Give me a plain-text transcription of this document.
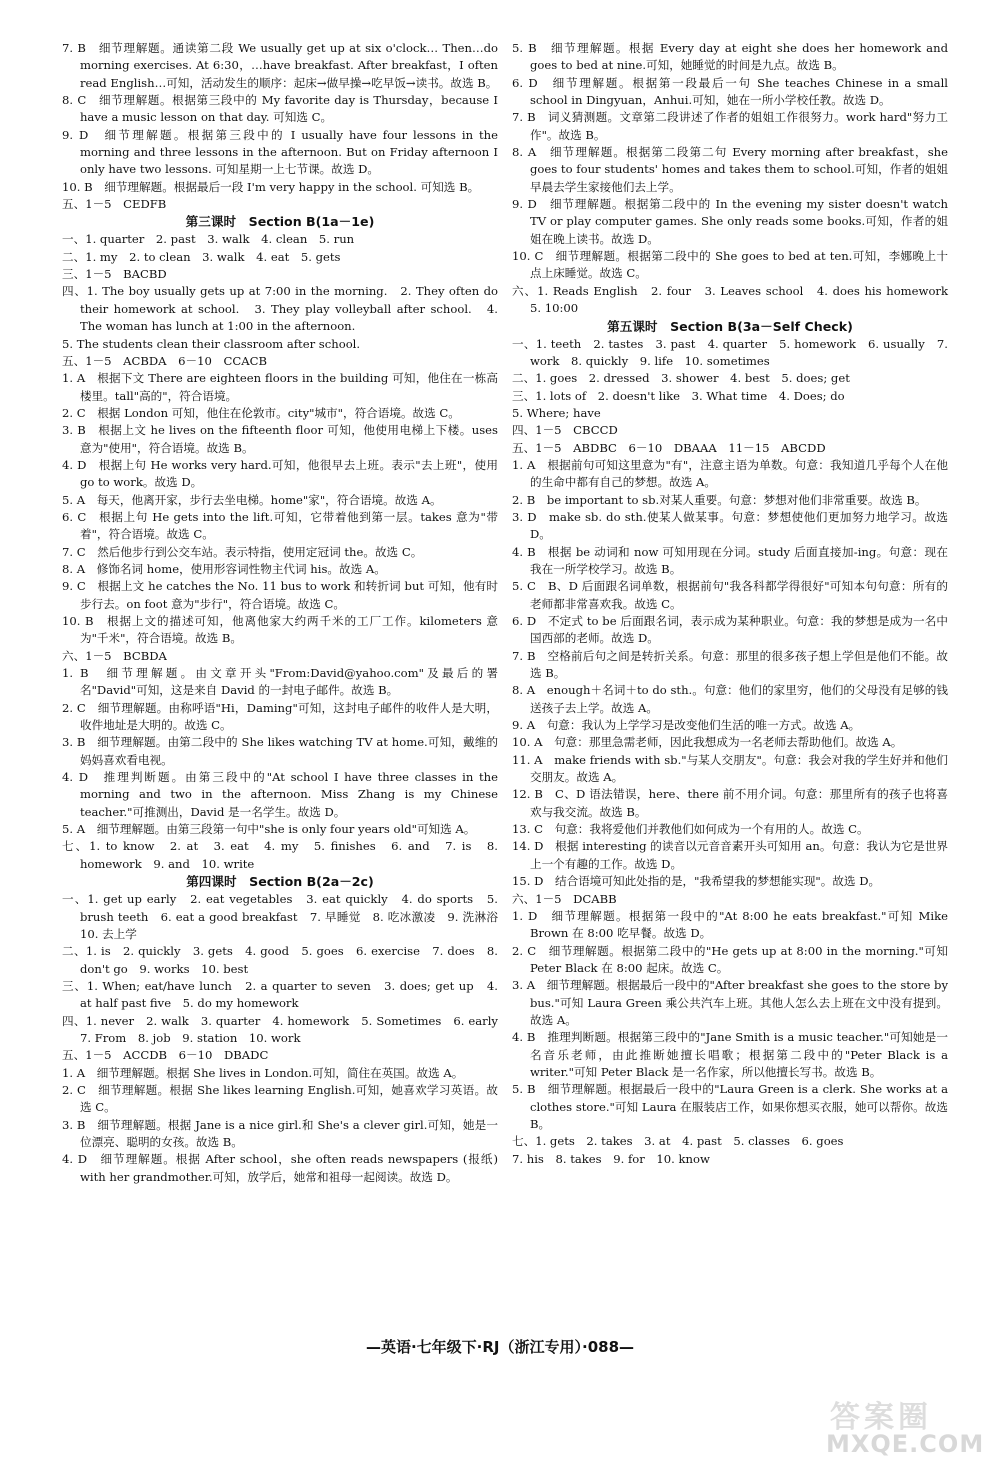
7. B　细节理解题。通读第二段 We usually get up at six o'clock… Then…do morning exercises. At 6:30，…have breakfast. After breakfast，I often read English…可知，活动发生的顺序：起床→做早操→吃早饭→读书。故选 B。

8. C　细节理解题。根据第三段中的 My favorite day is Thursday，because I have a music lesson on that day. 可知选 C。

9. D　细节理解题。根据第三段中的 I usually have four lessons in the morning and three lessons in the afternoon. But on Friday afternoon I only have two lessons. 可知星期一上七节课。故选 D。

10. B　细节理解题。根据最后一段 I'm very happy in the school. 可知选 B。

五、1－5　CEDFB

第三课时　Section B(1a－1e)

一、1. quarter　2. past　3. walk　4. clean　5. run

二、1. my　2. to clean　3. walk　4. eat　5. gets

三、1－5　BACBD

四、1. The boy usually gets up at 7:00 in the morning.　2. They often do their homework at school.　3. They play volleyball after school.　4. The woman has lunch at 1:00 in the afternoon.

5. The students clean their classroom after school.

五、1－5　ACBDA　6－10　CCACB

1. A　根据下文 There are eighteen floors in the building 可知，他住在一栋高楼里。tall"高的"，符合语境。

2. C　根据 London 可知，他住在伦敦市。city"城市"，符合语境。故选 C。

3. B　根据上文 he lives on the fifteenth floor 可知，他使用电梯上下楼。uses 意为"使用"，符合语境。故选 B。

4. D　根据上句 He works very hard.可知，他很早去上班。表示"去上班"，使用 go to work。故选 D。

5. A　每天，他离开家，步行去坐电梯。home"家"，符合语境。故选 A。

6. C　根据上句 He gets into the lift.可知，它带着他到第一层。takes 意为"带着"，符合语境。故选 C。

7. C　然后他步行到公交车站。表示特指，使用定冠词 the。故选 C。

8. A　修饰名词 home，使用形容词性物主代词 his。故选 A。

9. C　根据上文 he catches the No. 11 bus to work 和转折词 but 可知，他有时步行去。on foot 意为"步行"，符合语境。故选 C。

10. B　根据上文的描述可知，他离他家大约两千米的工厂工作。kilometers 意为"千米"，符合语境。故选 B。

六、1－5　BCBDA

1. B　细节理解题。由文章开头"From:David@yahoo.com"及最后的署名"David"可知，这是来自 David 的一封电子邮件。故选 B。

2. C　细节理解题。由称呼语"Hi，Daming"可知，这封电子邮件的收件人是大明，收件地址是大明的。故选 C。

3. B　细节理解题。由第二段中的 She likes watching TV at home.可知，戴维的妈妈喜欢看电视。

4. D　推理判断题。由第三段中的"At school I have three classes in the morning and two in the afternoon. Miss Zhang is my Chinese teacher."可推测出，David 是一名学生。故选 D。

5. A　细节理解题。由第三段第一句中"she is only four years old"可知选 A。

七、1. to know　2. at　3. eat　4. my　5. finishes　6. and　7. is　8. homework　9. and　10. write

第四课时　Section B(2a－2c)

一、1. get up early　2. eat vegetables　3. eat quickly　4. do sports　5. brush teeth　6. eat a good breakfast　7. 早睡觉　8. 吃冰激凌　9. 洗淋浴　10. 去上学

二、1. is　2. quickly　3. gets　4. good　5. goes　6. exercise　7. does　8. don't go　9. works　10. best

三、1. When; eat/have lunch　2. a quarter to seven　3. does; get up　4. at half past five　5. do my homework

四、1. never　2. walk　3. quarter　4. homework　5. Sometimes　6. early　7. From　8. job　9. station　10. work

五、1－5　ACCDB　6－10　DBADC

1. A　细节理解题。根据 She lives in London.可知，简住在英国。故选 A。

2. C　细节理解题。根据 She likes learning English.可知，她喜欢学习英语。故选 C。

3. B　细节理解题。根据 Jane is a nice girl.和 She's a clever girl.可知，她是一位漂亮、聪明的女孩。故选 B。

4. D　细节理解题。根据 After school，she often reads newspapers (报纸) with her grandmother.可知，放学后，她常和祖母一起阅读。故选 D。

5. B　细节理解题。根据 Every day at eight she does her homework and goes to bed at nine.可知，她睡觉的时间是九点。故选 B。

6. D　细节理解题。根据第一段最后一句 She teaches Chinese in a small school in Dingyuan，Anhui.可知，她在一所小学校任教。故选 D。

7. B　词义猜测题。文章第二段讲述了作者的姐姐工作很努力。work hard"努力工作"。故选 B。

8. A　细节理解题。根据第二段第二句 Every morning after breakfast，she goes to four students' homes and takes them to school.可知，作者的姐姐早晨去学生家接他们去上学。

9. D　细节理解题。根据第二段中的 In the evening my sister doesn't watch TV or play computer games. She only reads some books.可知，作者的姐姐在晚上读书。故选 D。

10. C　细节理解题。根据第二段中的 She goes to bed at ten.可知，李娜晚上十点上床睡觉。故选 C。

六、1. Reads English　2. four　3. Leaves school　4. does his homework　5. 10:00

第五课时　Section B(3a－Self Check)

一、1. teeth　2. tastes　3. past　4. quarter　5. homework　6. usually　7. work　8. quickly　9. life　10. sometimes

二、1. goes　2. dressed　3. shower　4. best　5. does; get

三、1. lots of　2. doesn't like　3. What time　4. Does; do

5. Where; have

四、1－5　CBCCD

五、1－5　ABDBC　6－10　DBAAA　11－15　ABCDD

1. A　根据前句可知这里意为"有"，注意主语为单数。句意：我知道几乎每个人在他的生命中都有自己的梦想。故选 A。

2. B　be important to sb.对某人重要。句意：梦想对他们非常重要。故选 B。

3. D　make sb. do sth.使某人做某事。句意：梦想使他们更加努力地学习。故选 D。

4. B　根据 be 动词和 now 可知用现在分词。study 后面直接加-ing。句意：现在我在一所学校学习。故选 B。

5. C　B、D 后面跟名词单数，根据前句"我各科都学得很好"可知本句句意：所有的老师都非常喜欢我。故选 C。

6. D　不定式 to be 后面跟名词，表示成为某种职业。句意：我的梦想是成为一名中国西部的老师。故选 D。

7. B　空格前后句之间是转折关系。句意：那里的很多孩子想上学但是他们不能。故选 B。

8. A　enough＋名词＋to do sth.。句意：他们的家里穷，他们的父母没有足够的钱送孩子去上学。故选 A。

9. A　句意：我认为上学学习是改变他们生活的唯一方式。故选 A。

10. A　句意：那里急需老师，因此我想成为一名老师去帮助他们。故选 A。

11. A　make friends with sb."与某人交朋友"。句意：我会对我的学生好并和他们交朋友。故选 A。

12. B　C、D 语法错误，here、there 前不用介词。句意：那里所有的孩子也将喜欢与我交流。故选 B。

13. C　句意：我将爱他们并教他们如何成为一个有用的人。故选 C。

14. D　根据 interesting 的读音以元音音素开头可知用 an。句意：我认为它是世界上一个有趣的工作。故选 D。

15. D　结合语境可知此处指的是，"我希望我的梦想能实现"。故选 D。

六、1－5　DCABB

1. D　细节理解题。根据第一段中的"At 8:00 he eats breakfast."可知 Mike Brown 在 8:00 吃早餐。故选 D。

2. C　细节理解题。根据第二段中的"He gets up at 8:00 in the morning."可知 Peter Black 在 8:00 起床。故选 C。

3. A　细节理解题。根据最后一段中的"After breakfast she goes to the store by bus."可知 Laura Green 乘公共汽车上班。其他人怎么去上班在文中没有提到。故选 A。

4. B　推理判断题。根据第三段中的"Jane Smith is a music teacher."可知她是一名音乐老师，由此推断她擅长唱歌；根据第二段中的"Peter Black is a writer."可知 Peter Black 是一名作家，所以他擅长写书。故选 B。

5. B　细节理解题。根据最后一段中的"Laura Green is a clerk. She works at a clothes store."可知 Laura 在服装店工作，如果你想买衣服，她可以帮你。故选 B。

七、1. gets　2. takes　3. at　4. past　5. classes　6. goes

7. his　8. takes　9. for　10. know

—英语·七年级下·RJ（浙江专用）·088—
答案圈
MXQE.COM
